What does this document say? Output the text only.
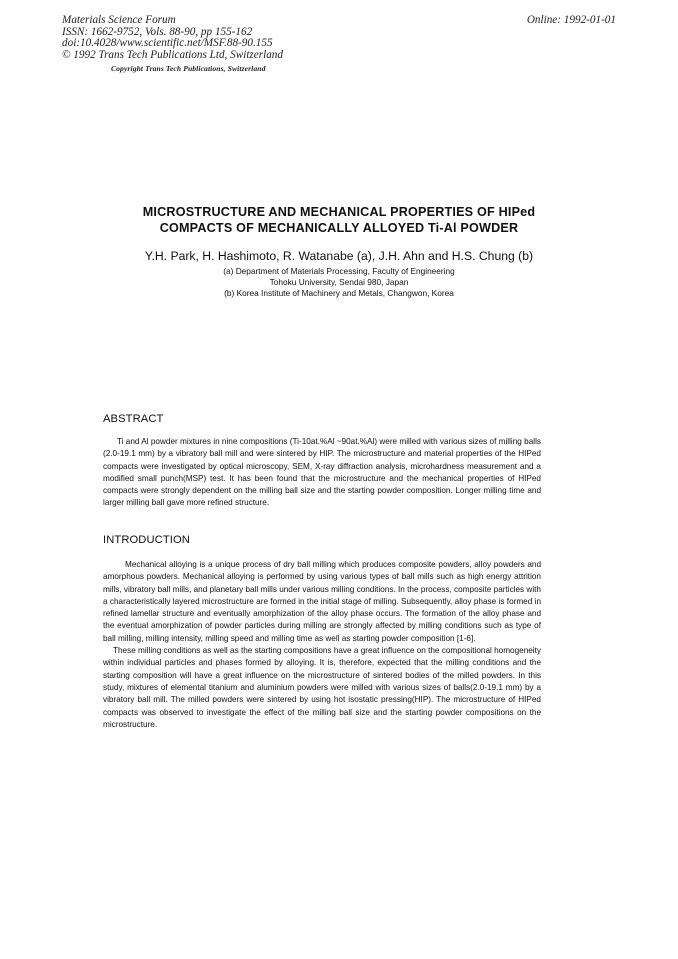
Materials Science Forum
ISSN: 1662-9752, Vols. 88-90, pp 155-162
doi:10.4028/www.scientific.net/MSF.88-90.155
© 1992 Trans Tech Publications Ltd, Switzerland
Online: 1992-01-01
Copyright Trans Tech Publications, Switzerland
MICROSTRUCTURE AND MECHANICAL PROPERTIES OF HIPed
COMPACTS OF MECHANICALLY ALLOYED Ti-Al POWDER
Y.H. Park, H. Hashimoto, R. Watanabe (a), J.H. Ahn and H.S. Chung (b)
(a) Department of Materials Processing, Faculty of Engineering
Tohoku University, Sendai 980, Japan
(b) Korea Institute of Machinery and Metals, Changwon, Korea
ABSTRACT

Ti and Al powder mixtures in nine compositions (Ti-10at.%Al ~90at.%Al) were milled with various sizes of milling balls (2.0-19.1 mm) by a vibratory ball mill and were sintered by HIP. The microstructure and material properties of the HIPed compacts were investigated by optical microscopy, SEM, X-ray diffraction analysis, microhardness measurement and a modified small punch(MSP) test. It has been found that the microstructure and the mechanical properties of HIPed compacts were strongly dependent on the milling ball size and the starting powder composition. Longer milling time and larger milling ball gave more refined structure.

INTRODUCTION

Mechanical alloying is a unique process of dry ball milling which produces composite powders, alloy powders and amorphous powders. Mechanical alloying is performed by using various types of ball mills such as high energy attrition mills, vibratory ball mills, and planetary ball mills under various milling conditions. In the process, composite particles with a characteristically layered microstructure are formed in the initial stage of milling. Subsequently, alloy phase is formed in refined lamellar structure and eventually amorphization of the alloy phase occurs. The formation of the alloy phase and the eventual amorphization of powder particles during milling are strongly affected by milling conditions such as type of ball milling, milling intensity, milling speed and milling time as well as starting powder composition [1-6].

These milling conditions as well as the starting compositions have a great influence on the compositional homogeneity within individual particles and phases formed by alloying. It is, therefore, expected that the milling conditions and the starting composition will have a great influence on the microstructure of sintered bodies of the milled powders. In this study, mixtures of elemental titanium and aluminium powders were milled with various sizes of balls(2.0-19.1 mm) by a vibratory ball mill. The milled powders were sintered by using hot isostatic pressing(HIP). The microstructure of HIPed compacts was observed to investigate the effect of the milling ball size and the starting powder compositions on the microstructure.
